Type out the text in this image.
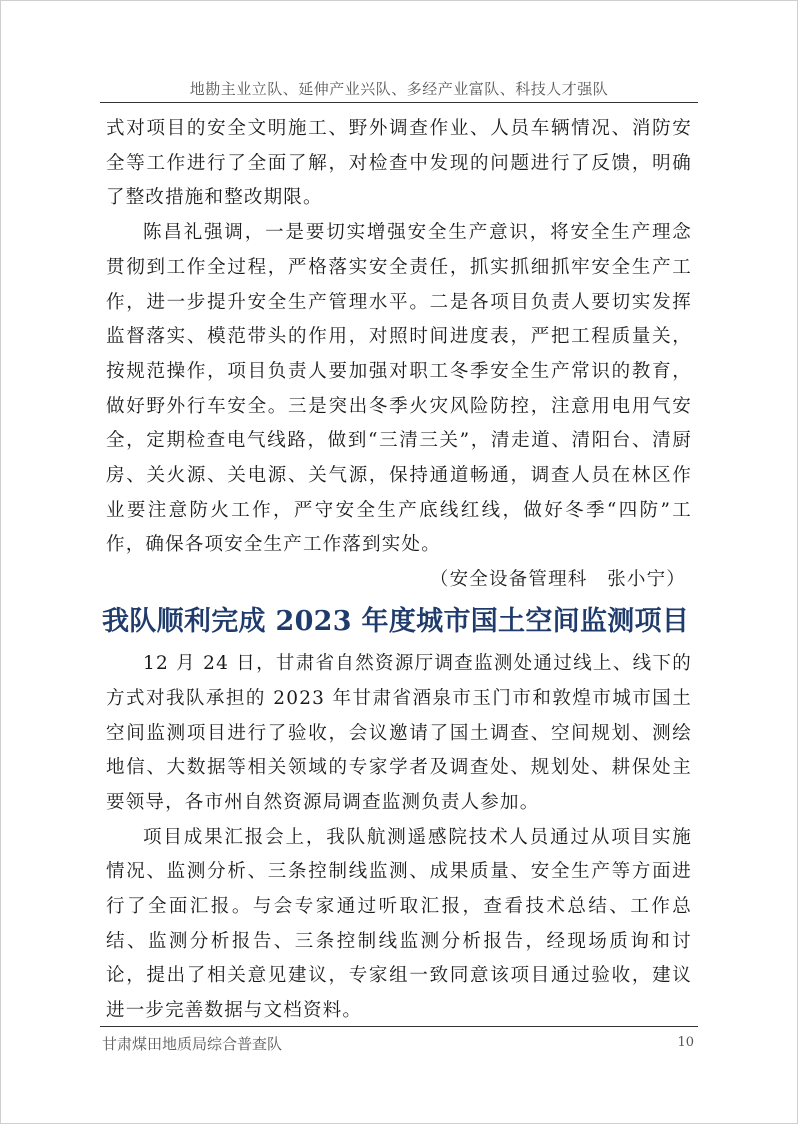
地勘主业立队、延伸产业兴队、多经产业富队、科技人才强队

式对项目的安全文明施工、野外调查作业、人员车辆情况、消防安全等工作进行了全面了解，对检查中发现的问题进行了反馈，明确了整改措施和整改期限。

陈昌礼强调，一是要切实增强安全生产意识，将安全生产理念贯彻到工作全过程，严格落实安全责任，抓实抓细抓牢安全生产工作，进一步提升安全生产管理水平。二是各项目负责人要切实发挥监督落实、模范带头的作用，对照时间进度表，严把工程质量关，按规范操作，项目负责人要加强对职工冬季安全生产常识的教育，做好野外行车安全。三是突出冬季火灾风险防控，注意用电用气安全，定期检查电气线路，做到“三清三关”，清走道、清阳台、清厨房、关火源、关电源、关气源，保持通道畅通，调查人员在林区作业要注意防火工作，严守安全生产底线红线，做好冬季“四防”工作，确保各项安全生产工作落到实处。

（安全设备管理科　张小宁）

我队顺利完成 2023 年度城市国土空间监测项目

12 月 24 日，甘肃省自然资源厅调查监测处通过线上、线下的方式对我队承担的 2023 年甘肃省酒泉市玉门市和敦煌市城市国土空间监测项目进行了验收，会议邀请了国土调查、空间规划、测绘地信、大数据等相关领域的专家学者及调查处、规划处、耕保处主要领导，各市州自然资源局调查监测负责人参加。

项目成果汇报会上，我队航测遥感院技术人员通过从项目实施情况、监测分析、三条控制线监测、成果质量、安全生产等方面进行了全面汇报。与会专家通过听取汇报，查看技术总结、工作总结、监测分析报告、三条控制线监测分析报告，经现场质询和讨论，提出了相关意见建议，专家组一致同意该项目通过验收，建议进一步完善数据与文档资料。

甘肃煤田地质局综合普查队	10
